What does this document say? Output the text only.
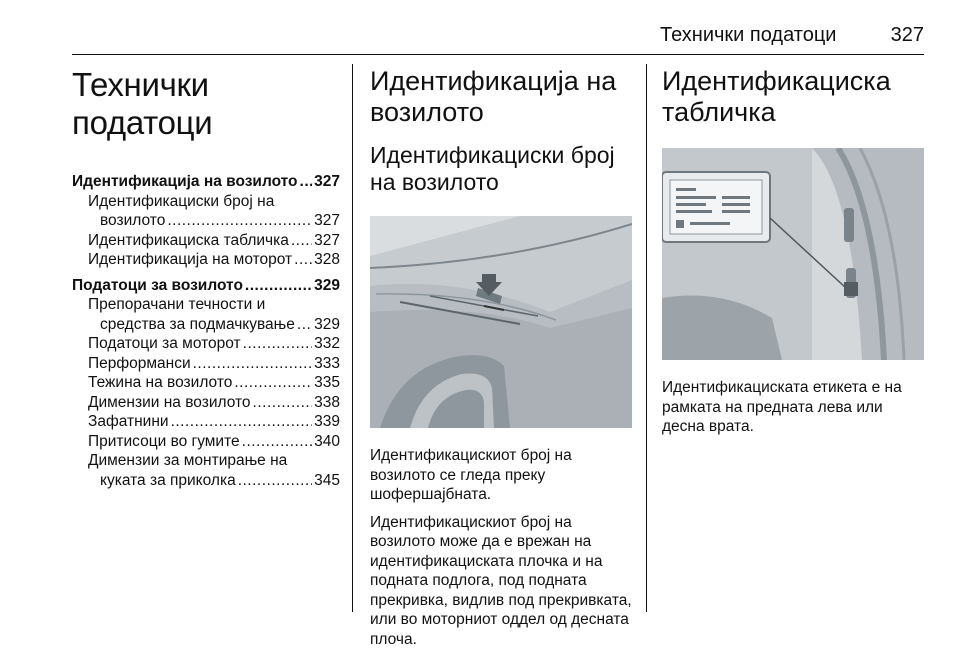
Технички податоци	327
Технички податоци
Идентификација на возилото ..... 327
Идентификациски број на
возилото .....	327
Идентификациска табличка ..... 327
Идентификација на моторот ..... 328
Податоци за возилото .....	329
Препорачани течности и
средства за подмачкување ..... 329
Податоци за моторот .....	332
Перформанси .....	333
Тежина на возилото .....	335
Димензии на возилото .....	338
Зафатнини .....	339
Притисоци во гумите .....	340
Димензии за монтирање на
куката за приколка .....	345
Идентификација на возилото
Идентификациски број на возилото

Идентификацискиот број на возилото се гледа преку шофершајбната.

Идентификацискиот број на возилото може да е врежан на идентификациската плочка и на подната подлога, под подната прекривка, видлив под прекривката, или во моторниот оддел од десната плоча.

Идентификациска табличка

Идентификациската етикета е на рамката на предната лева или десна врата.
